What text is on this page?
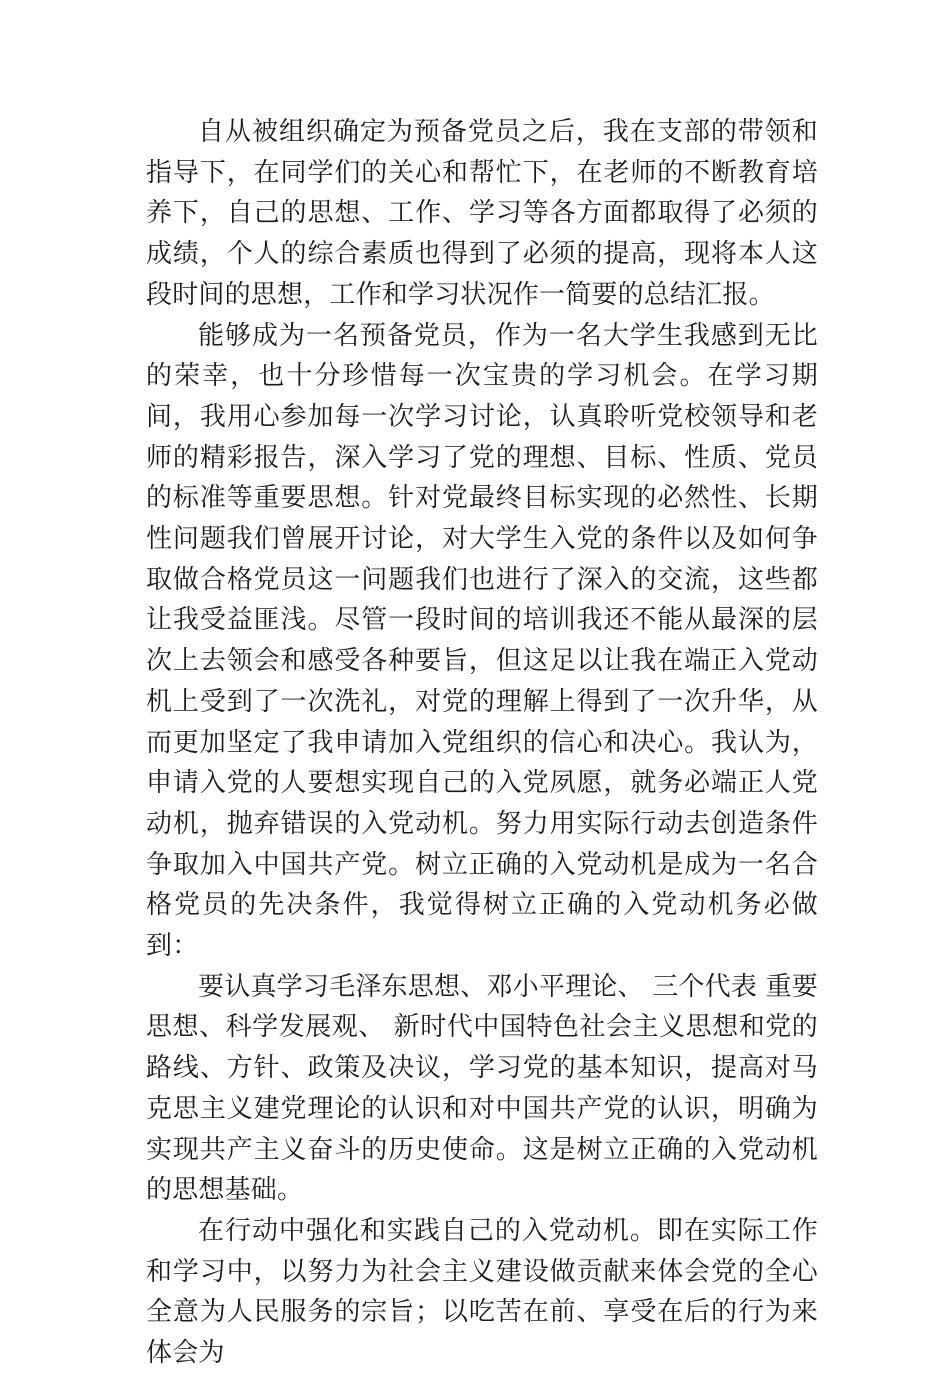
自从被组织确定为预备党员之后，我在支部的带领和指导下，在同学们的关心和帮忙下，在老师的不断教育培养下，自己的思想、工作、学习等各方面都取得了必须的成绩，个人的综合素质也得到了必须的提高，现将本人这段时间的思想，工作和学习状况作一简要的总结汇报。

能够成为一名预备党员，作为一名大学生我感到无比的荣幸，也十分珍惜每一次宝贵的学习机会。在学习期间，我用心参加每一次学习讨论，认真聆听党校领导和老师的精彩报告，深入学习了党的理想、目标、性质、党员的标准等重要思想。针对党最终目标实现的必然性、长期性问题我们曾展开讨论，对大学生入党的条件以及如何争取做合格党员这一问题我们也进行了深入的交流，这些都让我受益匪浅。尽管一段时间的培训我还不能从最深的层次上去领会和感受各种要旨，但这足以让我在端正入党动机上受到了一次洗礼，对党的理解上得到了一次升华，从而更加坚定了我申请加入党组织的信心和决心。我认为，申请入党的人要想实现自己的入党夙愿，就务必端正人党动机，抛弃错误的入党动机。努力用实际行动去创造条件争取加入中国共产党。树立正确的入党动机是成为一名合格党员的先决条件，我觉得树立正确的入党动机务必做到：

要认真学习毛泽东思想、邓小平理论、 三个代表 重要思想、科学发展观、 新时代中国特色社会主义思想和党的路线、方针、政策及决议，学习党的基本知识，提高对马克思主义建党理论的认识和对中国共产党的认识，明确为实现共产主义奋斗的历史使命。这是树立正确的入党动机的思想基础。

在行动中强化和实践自己的入党动机。即在实际工作和学习中，以努力为社会主义建设做贡献来体会党的全心全意为人民服务的宗旨；以吃苦在前、享受在后的行为来体会为
